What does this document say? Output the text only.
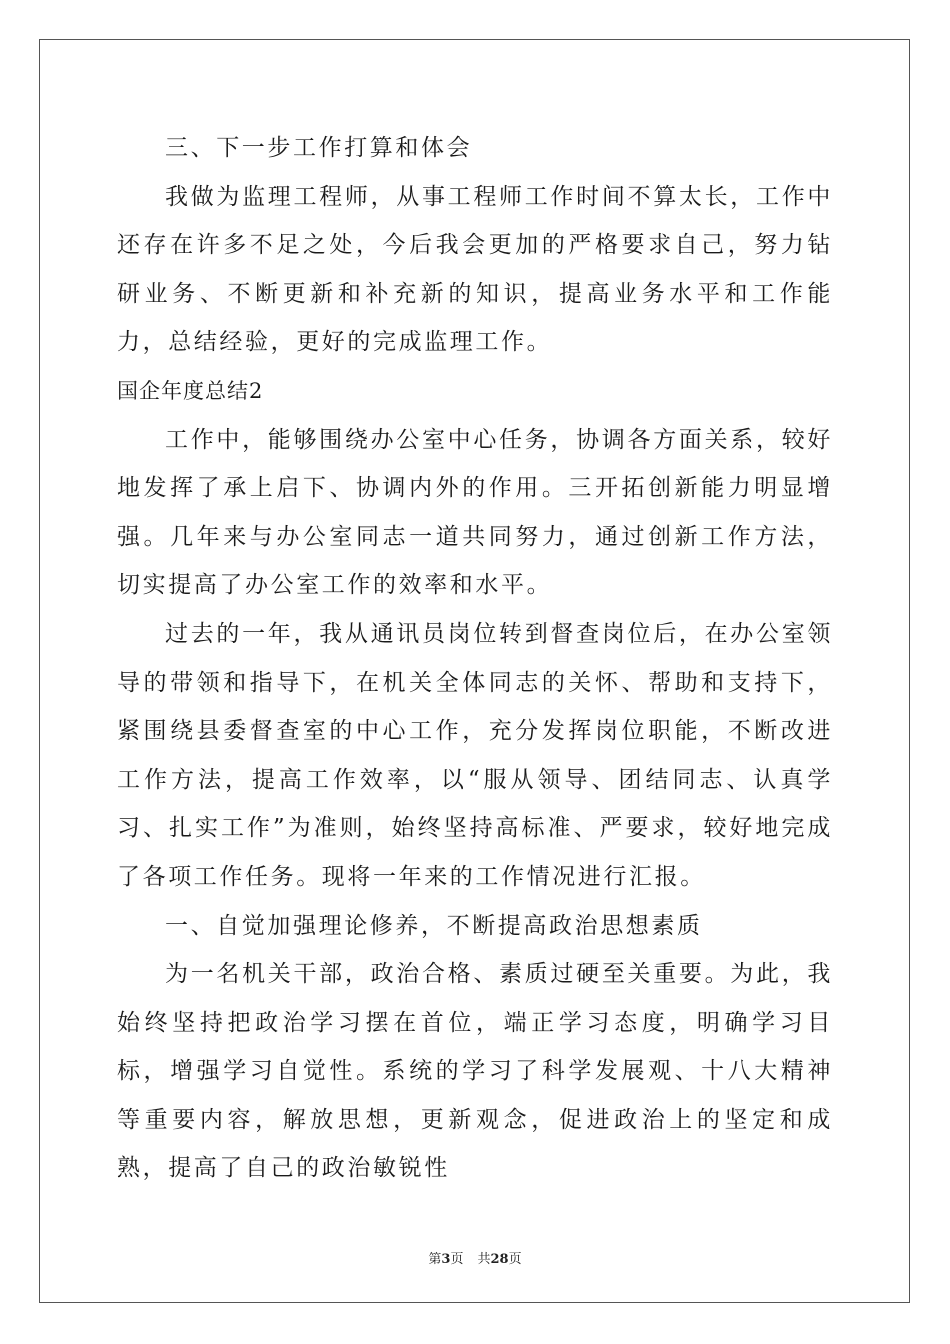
三、下一步工作打算和体会

我做为监理工程师，从事工程师工作时间不算太长，工作中还存在许多不足之处，今后我会更加的严格要求自己，努力钻研业务、不断更新和补充新的知识，提高业务水平和工作能力，总结经验，更好的完成监理工作。

国企年度总结2

工作中，能够围绕办公室中心任务，协调各方面关系，较好地发挥了承上启下、协调内外的作用。三开拓创新能力明显增强。几年来与办公室同志一道共同努力，通过创新工作方法，切实提高了办公室工作的效率和水平。

过去的一年，我从通讯员岗位转到督查岗位后，在办公室领导的带领和指导下，在机关全体同志的关怀、帮助和支持下，紧围绕县委督查室的中心工作，充分发挥岗位职能，不断改进工作方法，提高工作效率，以“服从领导、团结同志、认真学习、扎实工作”为准则，始终坚持高标准、严要求，较好地完成了各项工作任务。现将一年来的工作情况进行汇报。

一、自觉加强理论修养，不断提高政治思想素质

为一名机关干部，政治合格、素质过硬至关重要。为此，我始终坚持把政治学习摆在首位，端正学习态度，明确学习目标，增强学习自觉性。系统的学习了科学发展观、十八大精神等重要内容，解放思想，更新观念，促进政治上的坚定和成熟，提高了自己的政治敏锐性

第3页 共28页
